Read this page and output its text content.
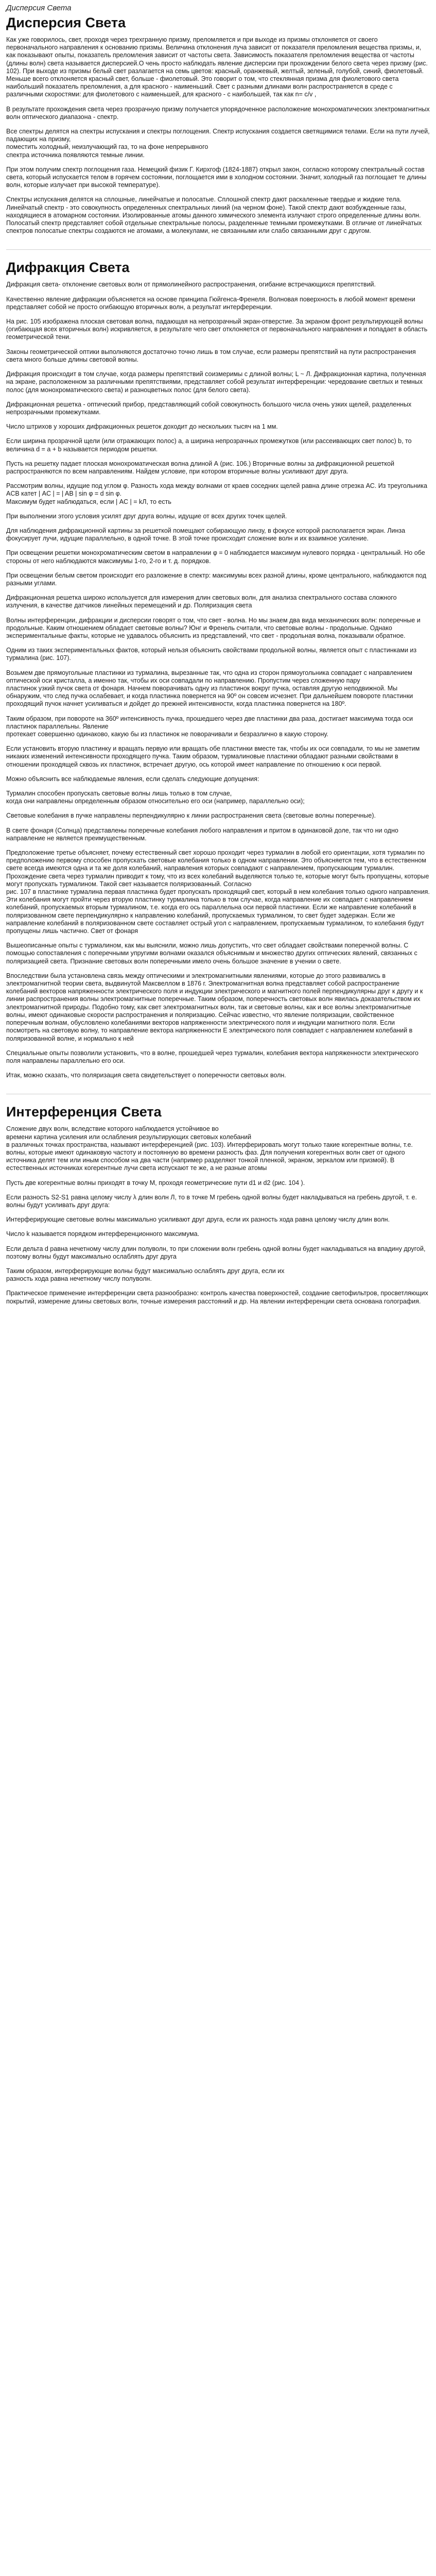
Дисперсия Света
Дисперсия Света

Как уже говорилось, свет, проходя через трехгранную призму, преломляется и при выходе из призмы отклоняется от своего первоначального направления к основанию призмы. Величина отклонения луча зависит от показателя преломления вещества призмы, и, как показывают опыты, показатель преломления зависит от частоты света. Зависимость показателя преломления вещества от частоты (длины волн) света называется дисперсией.О чень просто наблюдать явление дисперсии при прохождении белого света через призму (рис. 102). При выходе из призмы белый свет разлагается на семь цветов: красный, оранжевый, желтый, зеленый, голубой, синий, фиолетовый. Меньше всего отклоняется красный свет, больше - фиолетовый. Это говорит о том, что стеклянная призма для фиолетового света наибольший показатель преломления, а для красного - наименьший. Свет с разными длинами волн распространяется в среде с различными скоростями: для фиолетового с наименьшей, для красного - с наибольшей, так как n= c/v ,

В результате прохождения света через прозрачную призму получается упорядоченное расположение монохроматических электромагнитных волн оптического диапазона - спектр.

Все спектры делятся на спектры испускания и спектры поглощения. Спектр испускания создается светящимися телами. Если на пути лучей, падающих на призму,
поместить холодный, неизлучающий газ, то на фоне непрерывного
спектра источника появляются темные линии.

При этом получим спектр поглощения газа. Немецкий физик Г. Кирхгоф (1824-1887) открыл закон, согласно которому спектральный состав света, который испускается телом в горячем состоянии, поглощается ими в холодном состоянии. Значит, холодный газ поглощает те длины волн, которые излучает при высокой температуре).

Спектры испускания делятся на сплошные, линейчатые и полосатые. Сплошной спектр дают раскаленные твердые и жидкие тела. Линейчатый спектр - это совокупность определенных спектральных линий (на черном фоне). Такой спектр дают возбужденные газы, находящиеся в атомарном состоянии. Изолированные атомы данного химического элемента излучают строго определенные длины волн. Полосатый спектр представляет собой отдельные спектральные полосы, разделенные темными промежутками. В отличие от линейчатых спектров полосатые спектры создаются не атомами, а молекулами, не связанными или слабо связанными друг с другом.

Дифракция Света

Дифракция света- отклонение световых волн от прямолинейного распространения, огибание встречающихся препятствий.

Качественно явление дифракции объясняется на основе принципа Гюйгенса-Френеля. Волновая поверхность в любой момент времени представляет собой не просто огибающую вторичных волн, а результат интерференции.

На рис. 105 изображена плоская световая волна, падающая на непрозрачный экран-отверстие. За экраном фронт результирующей волны (огибающая всех вторичных волн) искривляется, в результате чего свет отклоняется от первоначального направления и попадает в область геометрической тени.

Законы геометрической оптики выполняются достаточно точно лишь в том случае, если размеры препятствий на пути распространения света много больше длины световой волны.

Дифракция происходит в том случае, когда размеры препятствий соизмеримы с длиной волны; L ~ Л. Дифракционная картина, полученная на экране, расположенном за различными препятствиями, представляет собой результат интерференции: чередование светлых и темных полос (для монохроматического света) и разноцветных полос (для белого света).

Дифракционная решетка - оптический прибор, представляющий собой совокупность большого числа очень узких щелей, разделенных непрозрачными промежутками.

Число штрихов у хороших дифракционных решеток доходит до нескольких тысяч на 1 мм.

Если ширина прозрачной щели (или отражающих полос) а, а ширина непрозрачных промежутков (или рассеивающих свет полос) b, то величина d = a + b называется периодом решетки.

Пусть на решетку падает плоская монохроматическая волна длиной А (рис. 106.) Вторичные волны за дифракционной решеткой распространяются по всем направлениям. Найдем условие, при котором вторичные волны усиливают друг друга.

Рассмотрим волны, идущие под углом φ. Разность хода между волнами от краев соседних щелей равна длине отрезка АС. Из треугольника ACB катет | AC | = | AB | sin φ = d sin φ.
Максимум будет наблюдаться, если | AC | = kЛ, то есть

При выполнении этого условия усилят друг друга волны, идущие от всех других точек щелей.

Для наблюдения дифракционной картины за решеткой помещают собирающую линзу, в фокусе которой располагается экран. Линза фокусирует лучи, идущие параллельно, в одной точке. В этой точке происходит сложение волн и их взаимное усиление.

При освещении решетки монохроматическим светом в направлении φ = 0 наблюдается максимум нулевого порядка - центральный. Но обе стороны от него наблюдаются максимумы 1-го, 2-го и т. д. порядков.

При освещении белым светом происходит его разложение в спектр: максимумы всех разной длины, кроме центрального, наблюдаются под разными углами.

Дифракционная решетка широко используется для измерения длин световых волн, для анализа спектрального состава сложного излучения, в качестве датчиков линейных перемещений и др. Поляризация света

Волны интерференции, дифракции и дисперсии говорят о том, что свет - волна. Но мы знаем два вида механических волн: поперечные и продольные. Каким отношением обладает световые волны? Юнг и Френель считали, что световые волны - продольные. Однако экспериментальные факты, которые не удавалось объяснить из представлений, что свет - продольная волна, показывали обратное.

Одним из таких экспериментальных фактов, который нельзя объяснить свойствами продольной волны, является опыт с пластинками из турмалина (рис. 107).

Возьмем две прямоугольные пластинки из турмалина, вырезанные так, что одна из сторон прямоугольника совпадает с направлением оптической оси кристалла, а именно так, чтобы их оси совпадали по направлению. Пропустим через сложенную пару
пластинок узкий пучок света от фонаря. Начнем поворачивать одну из пластинок вокруг пучка, оставляя другую неподвижной. Мы обнаружим, что след пучка ослабевает, и когда пластинка повернется на 90º он совсем исчезнет. При дальнейшем повороте пластинки проходящий пучок начнет усиливаться и дойдет до прежней интенсивности, когда пластинка повернется на 180º.

Таким образом, при повороте на 360º интенсивность пучка, прошедшего через две пластинки два раза, достигает максимума тогда оси пластинок параллельны. Явление
протекает совершенно одинаково, какую бы из пластинок не поворачивали и безразлично в какую сторону.

Если установить вторую пластинку и вращать первую или вращать обе пластинки вместе так, чтобы их оси совпадали, то мы не заметим никаких изменений интенсивности проходящего пучка. Таким образом, турмалиновые пластинки обладают разными свойствами в отношении проходящей сквозь их пластинок, встречает другую, ось которой имеет направление по отношению к оси первой.

Можно объяснить все наблюдаемые явления, если сделать следующие допущения:

Турмалин способен пропускать световые волны лишь только в том случае,
когда они направлены определенным образом относительно его оси (например, параллельно оси);

Световые колебания в пучке направлены перпендикулярно к линии распространения света (световые волны поперечные).

В свете фонаря (Солнца) представлены поперечные колебания любого направления и притом в одинаковой доле, так что ни одно направление не является преимущественным.

Предположение третье объясняет, почему естественный свет хорошо проходит через турмалин в любой его ориентации, хотя турмалин по предположению первому способен пропускать световые колебания только в одном направлении. Это объясняется тем, что в естественном свете всегда имеются одна и та же доля колебаний, направления которых совпадают с направлением, пропускающим турмалин. Прохождение света через турмалин приводит к тому, что из всех колебаний выделяются только те, которые могут быть пропущены, которые могут пропускать турмалином. Такой свет называется поляризованный. Согласно
рис. 107 в пластинке турмалина первая пластинка будет пропускать проходящий свет, который в нем колебания только одного направления. Эти колебания могут пройти через вторую пластинку турмалина только в том случае, когда направление их совпадает с направлением колебаний, пропускаемых вторым турмалином, т.е. когда его ось параллельна оси первой пластинки. Если же направление колебаний в поляризованном свете перпендикулярно к направлению колебаний, пропускаемых турмалином, то свет будет задержан. Если же направление колебаний в поляризованном свете составляет острый угол с направлением, пропускаемым турмалином, то колебания будут пропущены лишь частично. Свет от фонаря

Вышеописанные опыты с турмалином, как мы выяснили, можно лишь допустить, что свет обладает свойствами поперечной волны. С помощью сопоставления с поперечными упругими волнами оказался объяснимым и множество других оптических явлений, связанных с поляризацией света. Признание световых волн поперечными имело очень большое значение в учении о свете.

Впоследствии была установлена связь между оптическими и электромагнитными явлениями, которые до этого развивались в электромагнитной теории света, выдвинутой Максвеллом в 1876 г. Электромагнитная волна представляет собой распространение
колебаний векторов напряженности электрического поля и индукции электрического и магнитного полей перпендикулярны друг к другу и к линии распространения волны электромагнитные поперечные. Таким образом, поперечность световых волн явилась доказательством их электромагнитной природы. Подобно тому, как свет электромагнитных волн, так и световые волны, как и все волны электромагнитные волны, имеют одинаковые скорости распространения и поляризацию. Сейчас известно, что явление поляризации, свойственное поперечным волнам, обусловлено колебаниями векторов напряженности электрического поля и индукции магнитного поля. Если посмотреть на световую волну, то направление вектора напряженности Е электрического поля совпадает с направлением колебаний в поляризованной волне, и нормально к ней

Специальные опыты позволили установить, что в волне, прошедшей через турмалин, колебания вектора напряженности электрического поля направлены параллельно его оси.

Итак, можно сказать, что поляризация света свидетельствует о поперечности световых волн.

Интерференция Света

Сложение двух волн, вследствие которого наблюдается устойчивое во
времени картина усиления или ослабления результирующих световых колебаний
в различных точках пространства, называют интерференцией (рис. 103). Интерферировать могут только такие когерентные волны, т.е. волны, которые имеют одинаковую частоту и постоянную во времени разность фаз. Для получения когерентных волн свет от одного источника делят тем или иным способом на два части (например разделяют тонкой пленкой, экраном, зеркалом или призмой). В естественных источниках когерентные лучи света испускают те же, а не разные атомы

Пусть две когерентные волны приходят в точку М, проходя геометрические пути d1 и d2 (рис. 104 ).

Если разность S2-S1 равна целому числу λ длин волн Л, то в точке М гребень одной волны будет накладываться на гребень другой, т. е. волны будут усиливать друг друга:

Интерферирующие световые волны максимально усиливают друг друга, если их разность хода равна целому числу длин волн.

Число k называется порядком интерференционного максимума.

Если дельта d равна нечетному числу длин полуволн, то при сложении волн гребень одной волны будет накладываться на впадину другой, поэтому волны будут максимально ослаблять друг друга

Таким образом, интерферирующие волны будут максимально ослаблять друг друга, если их
разность хода равна нечетному числу полуволн.

Практическое применение интерференции света разнообразно: контроль качества поверхностей, создание светофильтров, просветляющих покрытий, измерение длины световых волн, точные измерения расстояний и др. На явлении интерференции света основана голография.
